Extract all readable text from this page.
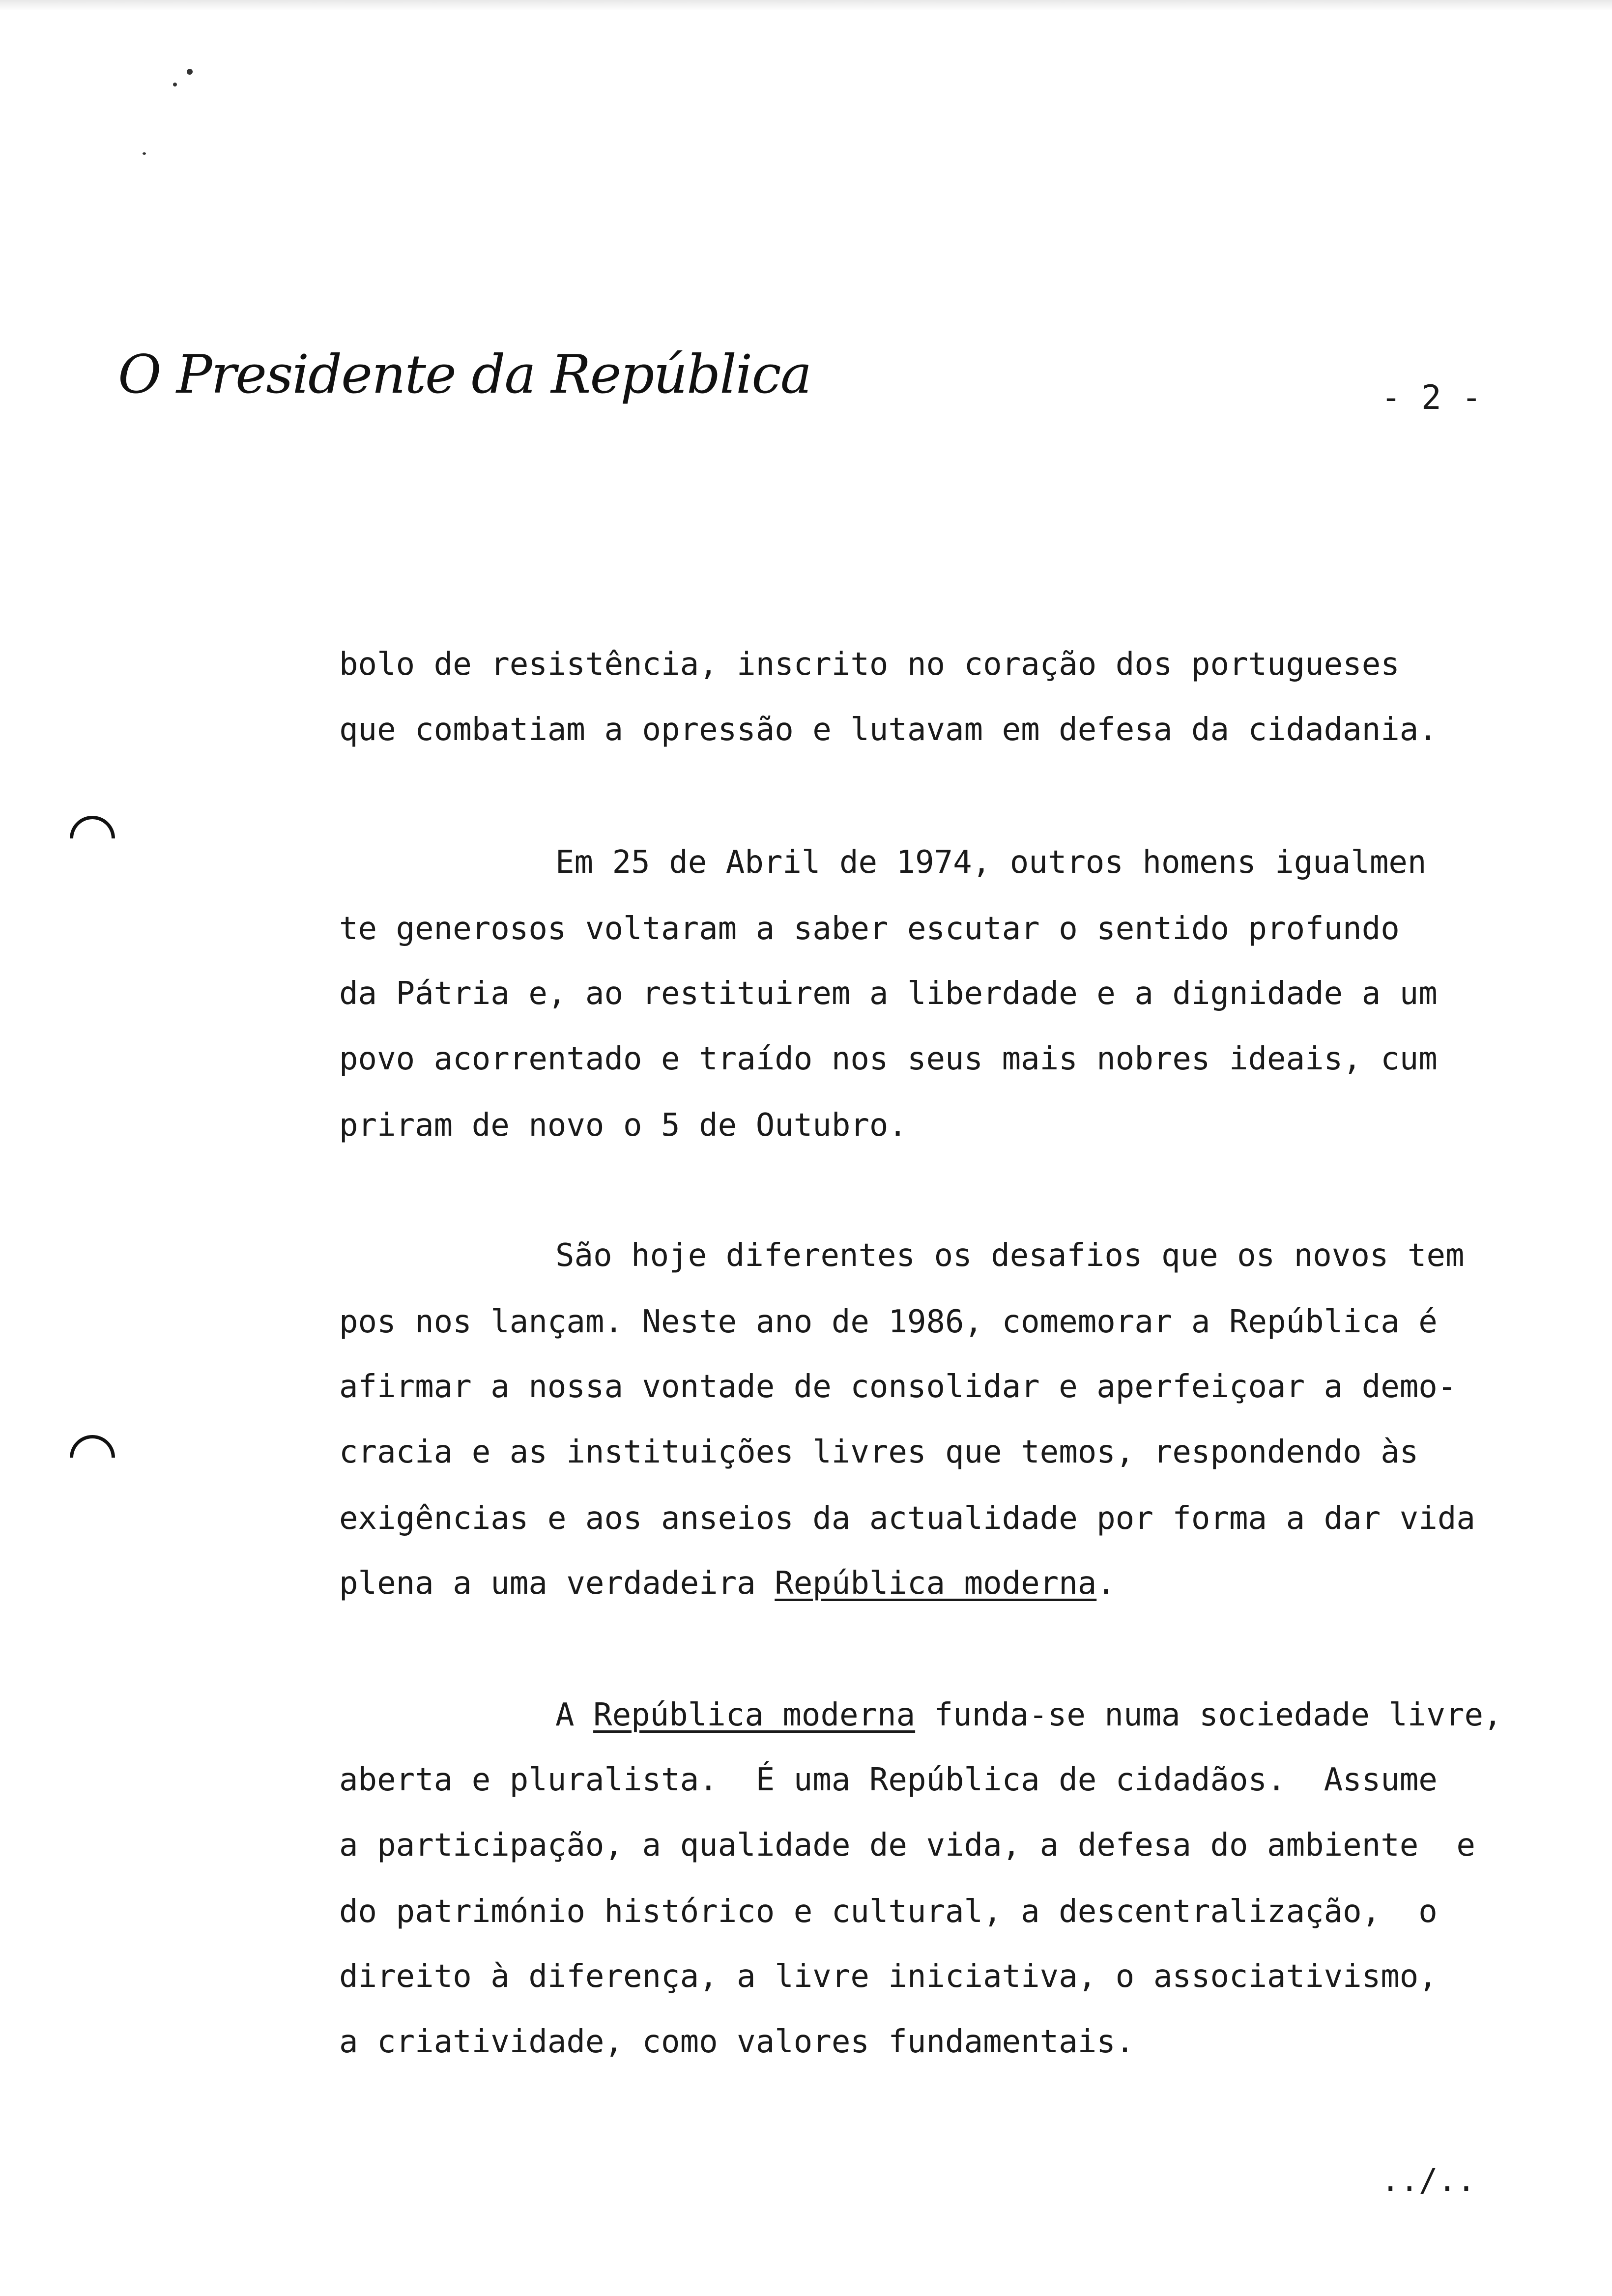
O Presidente da República	- 2 -
bolo de resistência, inscrito no coração dos portugueses
que combatiam a opressão e lutavam em defesa da cidadania.
Em 25 de Abril de 1974, outros homens igualmen
te generosos voltaram a saber escutar o sentido profundo
da Pátria e, ao restituirem a liberdade e a dignidade a um
povo acorrentado e traído nos seus mais nobres ideais, cum
priram de novo o 5 de Outubro.
São hoje diferentes os desafios que os novos tem
pos nos lançam. Neste ano de 1986, comemorar a República é
afirmar a nossa vontade de consolidar e aperfeiçoar a demo-
cracia e as instituições livres que temos, respondendo às
exigências e aos anseios da actualidade por forma a dar vida
plena a uma verdadeira República moderna.
A República moderna funda-se numa sociedade livre,
aberta e pluralista.  É uma República de cidadãos.  Assume
a participação, a qualidade de vida, a defesa do ambiente  e
do património histórico e cultural, a descentralização,  o
direito à diferença, a livre iniciativa, o associativismo,
a criatividade, como valores fundamentais.
../..
